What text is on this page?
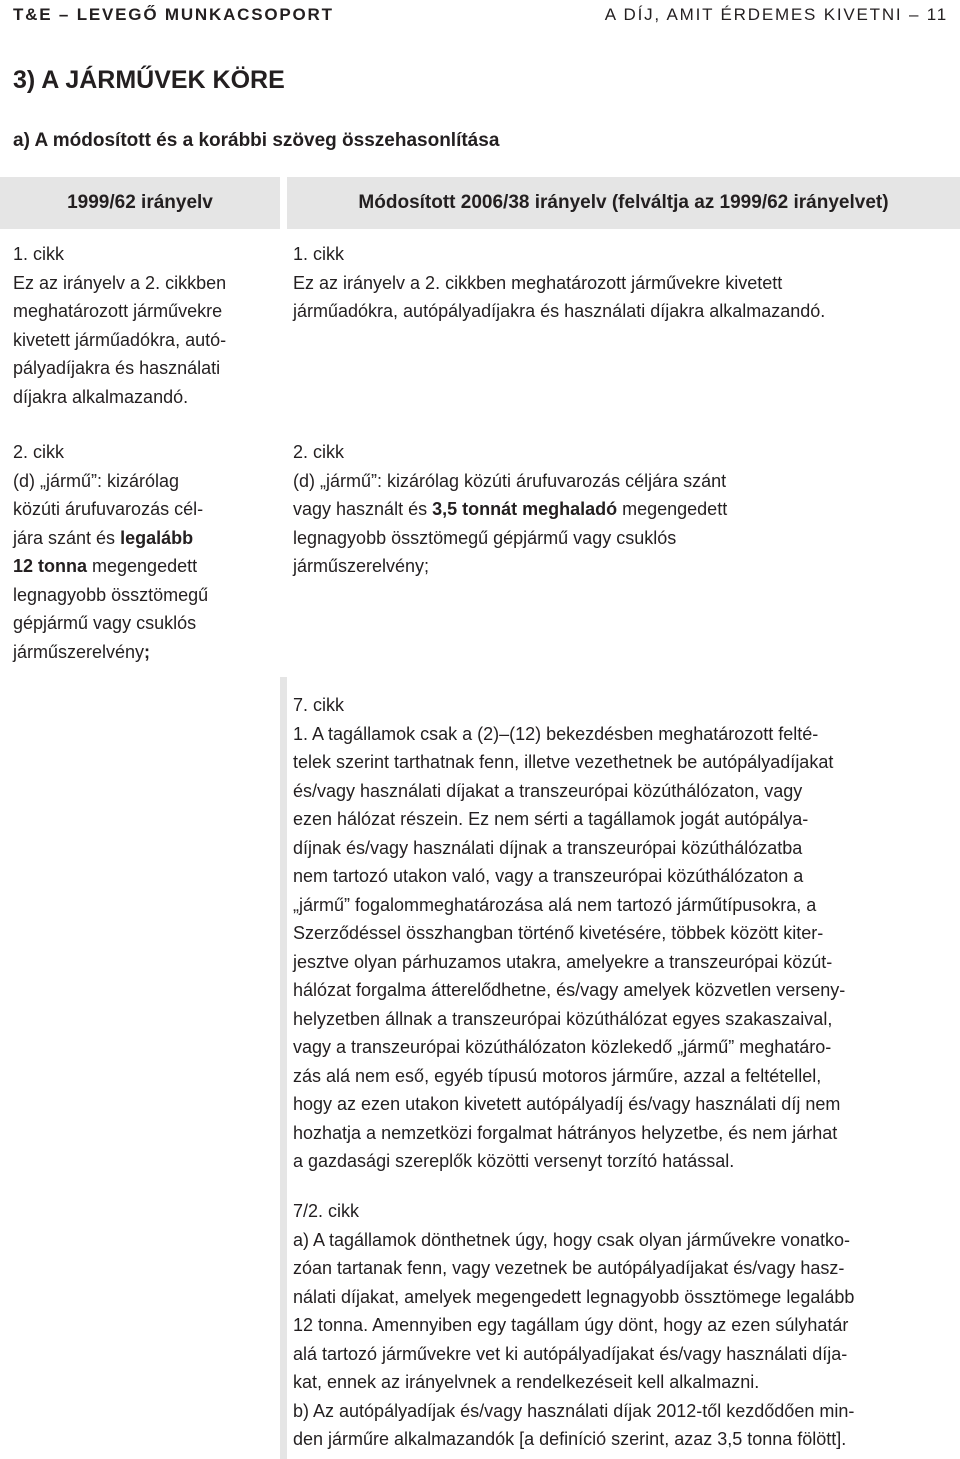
T&E – LEVEGŐ MUNKACSOPORT	A DÍJ, AMIT ÉRDEMES KIVETNI – 11
3) A JÁRMŰVEK KÖRE
a) A módosított és a korábbi szöveg összehasonlítása
1999/62 irányelv	Módosított 2006/38 irányelv (felváltja az 1999/62 irányelvet)
1. cikk
Ez az irányelv a 2. cikkben
meghatározott járművekre
kivetett járműadókra, autó-
pályadíjakra és használati
díjakra alkalmazandó.
2. cikk
(d) „jármű”: kizárólag
közúti árufuvarozás cél-
jára szánt és legalább
12 tonna megengedett
legnagyobb össztömegű
gépjármű vagy csuklós
járműszerelvény;
1. cikk
Ez az irányelv a 2. cikkben meghatározott járművekre kivetett
járműadókra, autópályadíjakra és használati díjakra alkalmazandó.
2. cikk
(d) „jármű”: kizárólag közúti árufuvarozás céljára szánt
vagy használt és 3,5 tonnát meghaladó megengedett
legnagyobb össztömegű gépjármű vagy csuklós
járműszerelvény;
7. cikk
1. A tagállamok csak a (2)–(12) bekezdésben meghatározott felté-
telek szerint tarthatnak fenn, illetve vezethetnek be autópályadíjakat
és/vagy használati díjakat a transzeurópai közúthálózaton, vagy
ezen hálózat részein. Ez nem sérti a tagállamok jogát autópálya-
díjnak és/vagy használati díjnak a transzeurópai közúthálózatba
nem tartozó utakon való, vagy a transzeurópai közúthálózaton a
„jármű” fogalommeghatározása alá nem tartozó járműtípusokra, a
Szerződéssel összhangban történő kivetésére, többek között kiter-
jesztve olyan párhuzamos utakra, amelyekre a transzeurópai közút-
hálózat forgalma átterelődhetne, és/vagy amelyek közvetlen verseny-
helyzetben állnak a transzeurópai közúthálózat egyes szakaszaival,
vagy a transzeurópai közúthálózaton közlekedő „jármű” meghatáro-
zás alá nem eső, egyéb típusú motoros járműre, azzal a feltétellel,
hogy az ezen utakon kivetett autópályadíj és/vagy használati díj nem
hozhatja a nemzetközi forgalmat hátrányos helyzetbe, és nem járhat
a gazdasági szereplők közötti versenyt torzító hatással.
7/2. cikk
a) A tagállamok dönthetnek úgy, hogy csak olyan járművekre vonatko-
zóan tartanak fenn, vagy vezetnek be autópályadíjakat és/vagy hasz-
nálati díjakat, amelyek megengedett legnagyobb össztömege legalább
12 tonna. Amennyiben egy tagállam úgy dönt, hogy az ezen súlyhatár
alá tartozó járművekre vet ki autópályadíjakat és/vagy használati díja-
kat, ennek az irányelvnek a rendelkezéseit kell alkalmazni.
b) Az autópályadíjak és/vagy használati díjak 2012-től kezdődően min-
den járműre alkalmazandók [a definíció szerint, azaz 3,5 tonna fölött].
